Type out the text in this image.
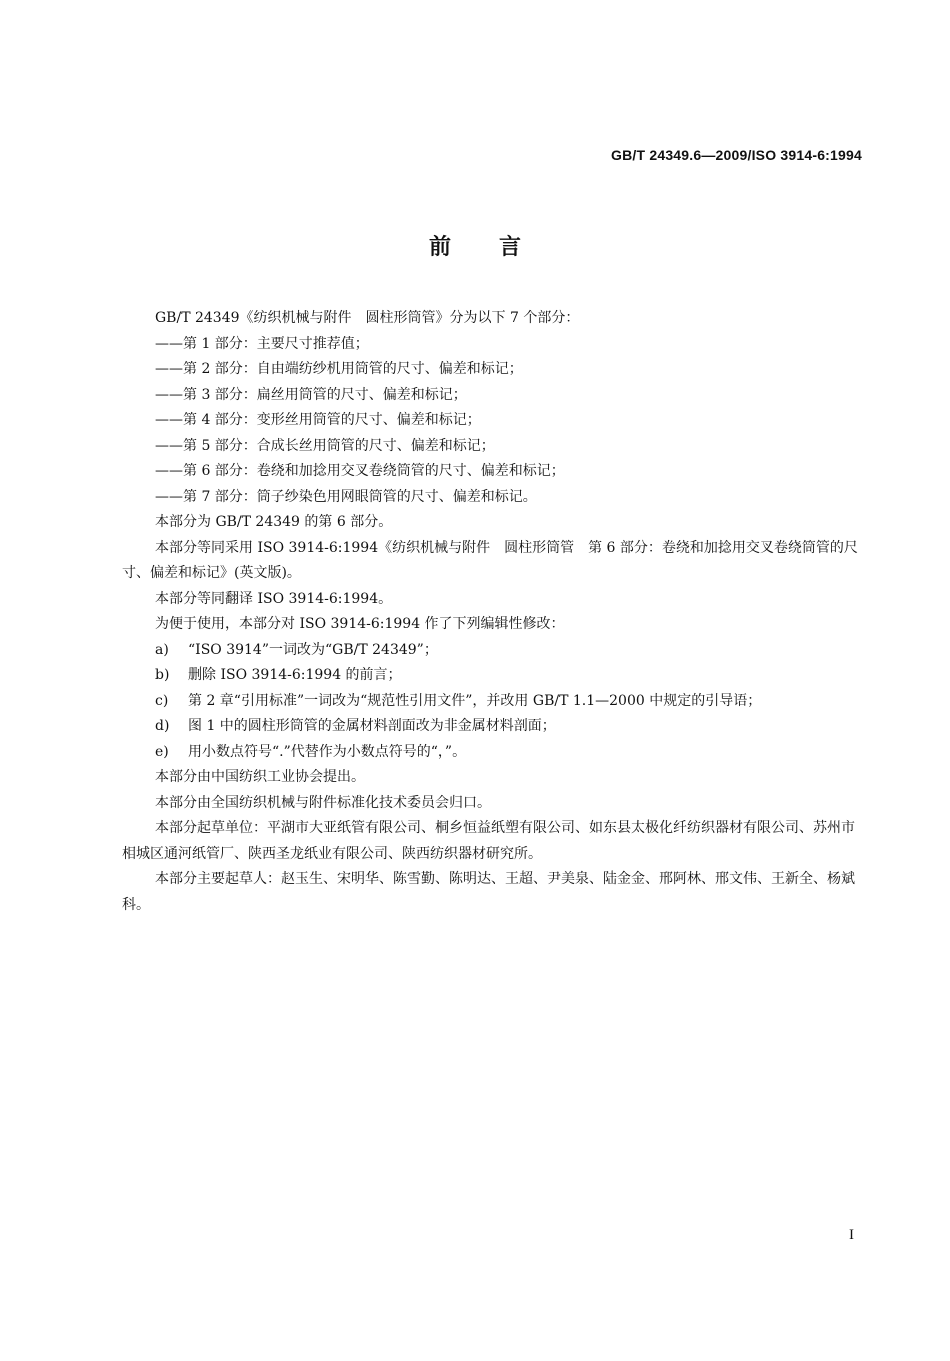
GB/T 24349.6—2009/ISO 3914-6:1994
前言

GB/T 24349《纺织机械与附件　圆柱形筒管》分为以下 7 个部分：

——第 1 部分：主要尺寸推荐值；

——第 2 部分：自由端纺纱机用筒管的尺寸、偏差和标记；

——第 3 部分：扁丝用筒管的尺寸、偏差和标记；

——第 4 部分：变形丝用筒管的尺寸、偏差和标记；

——第 5 部分：合成长丝用筒管的尺寸、偏差和标记；

——第 6 部分：卷绕和加捻用交叉卷绕筒管的尺寸、偏差和标记；

——第 7 部分：筒子纱染色用网眼筒管的尺寸、偏差和标记。

本部分为 GB/T 24349 的第 6 部分。

本部分等同采用 ISO 3914-6:1994《纺织机械与附件　圆柱形筒管　第 6 部分：卷绕和加捻用交叉卷绕筒管的尺寸、偏差和标记》(英文版)。

本部分等同翻译 ISO 3914-6:1994。

为便于使用，本部分对 ISO 3914-6:1994 作了下列编辑性修改：

a) “ISO 3914”一词改为“GB/T 24349”；

b) 删除 ISO 3914-6:1994 的前言；

c) 第 2 章“引用标准”一词改为“规范性引用文件”，并改用 GB/T 1.1—2000 中规定的引导语；

d) 图 1 中的圆柱形筒管的金属材料剖面改为非金属材料剖面；

e) 用小数点符号“.”代替作为小数点符号的“，”。

本部分由中国纺织工业协会提出。

本部分由全国纺织机械与附件标准化技术委员会归口。

本部分起草单位：平湖市大亚纸管有限公司、桐乡恒益纸塑有限公司、如东县太极化纤纺织器材有限公司、苏州市相城区通河纸管厂、陕西圣龙纸业有限公司、陕西纺织器材研究所。

本部分主要起草人：赵玉生、宋明华、陈雪勤、陈明达、王超、尹美泉、陆金金、邢阿林、邢文伟、王新全、杨斌科。

I
